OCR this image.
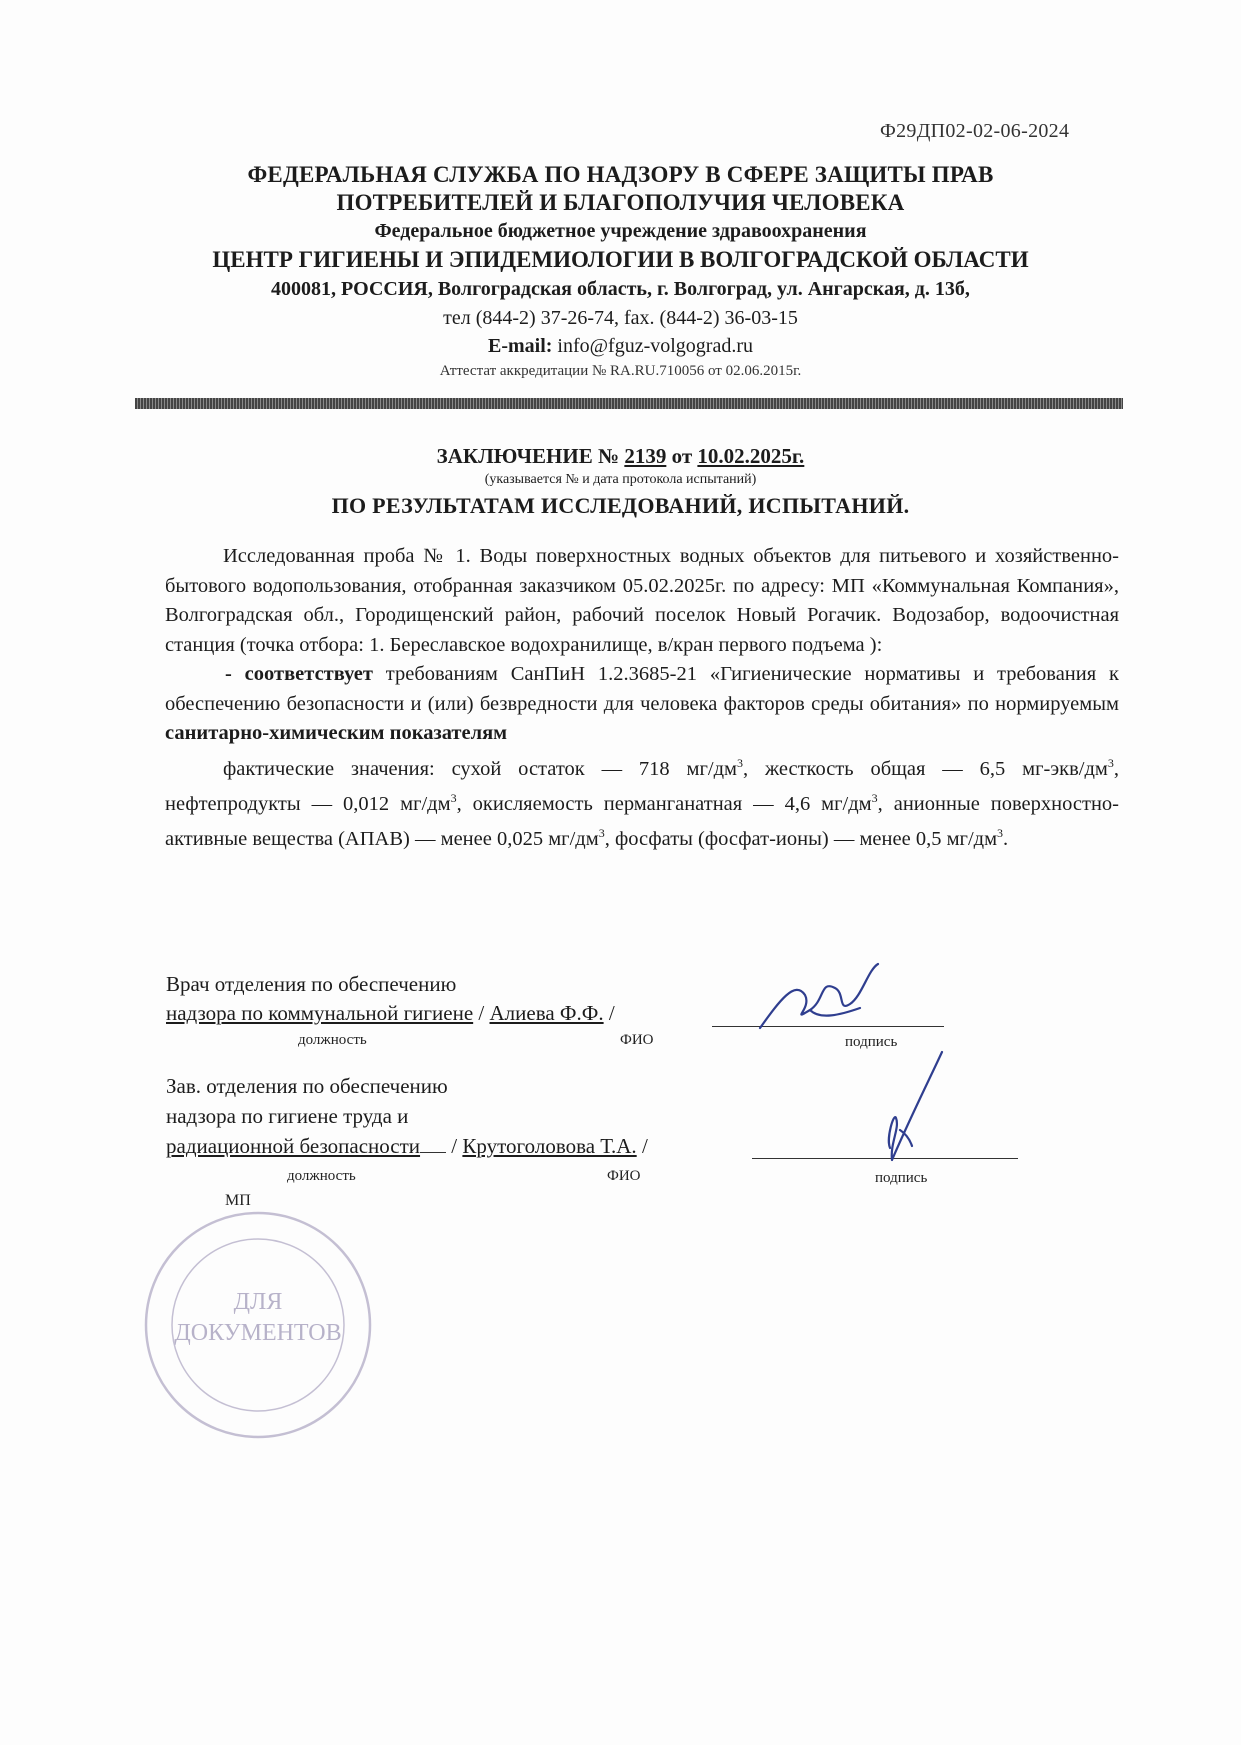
Ф29ДП02-02-06-2024
ФЕДЕРАЛЬНАЯ СЛУЖБА ПО НАДЗОРУ В СФЕРЕ ЗАЩИТЫ ПРАВ
ПОТРЕБИТЕЛЕЙ И БЛАГОПОЛУЧИЯ ЧЕЛОВЕКА
Федеральное бюджетное учреждение здравоохранения
ЦЕНТР ГИГИЕНЫ И ЭПИДЕМИОЛОГИИ В ВОЛГОГРАДСКОЙ ОБЛАСТИ
400081, РОССИЯ, Волгоградская область, г. Волгоград, ул. Ангарская, д. 13б,
тел (844-2) 37-26-74, fax. (844-2) 36-03-15
E-mail: info@fguz-volgograd.ru
Аттестат аккредитации № RA.RU.710056 от 02.06.2015г.
ЗАКЛЮЧЕНИЕ № 2139 от 10.02.2025г.
(указывается № и дата протокола испытаний)
ПО РЕЗУЛЬТАТАМ ИССЛЕДОВАНИЙ, ИСПЫТАНИЙ.

Исследованная проба № 1. Воды поверхностных водных объектов для питьевого и хозяйственно-бытового водопользования, отобранная заказчиком 05.02.2025г. по адресу: МП «Коммунальная Компания», Волгоградская обл., Городищенский район, рабочий поселок Новый Рогачик. Водозабор, водоочистная станция (точка отбора: 1. Берeславское водохранилище, в/кран первого подъема ):

- соответствует требованиям СанПиН 1.2.3685-21 «Гигиенические нормативы и требования к обеспечению безопасности и (или) безвредности для человека факторов среды обитания» по нормируемым санитарно-химическим показателям

фактические значения: сухой остаток — 718 $мг/дм^3$, жесткость общая — 6,5 $мг-экв/дм^3$, нефтепродукты — 0,012 $мг/дм^3$, окисляемость перманганатная — 4,6 $мг/дм^3$, анионные поверхностно-активные вещества (АПАВ) — менее 0,025 $мг/дм^3$, фосфаты (фосфат-ионы) — менее 0,5 $мг/дм^3$.

Врач отделения по обеспечению
надзора по коммунальной гигиене / Алиева Ф.Ф. /
должность	ФИО	подпись
Зав. отделения по обеспечению
надзора по гигиене труда и
радиационной безопасности / Крутоголовова Т.А. /
должность	ФИО	подпись
МП
ДЛЯ
ДОКУМЕНТОВ
